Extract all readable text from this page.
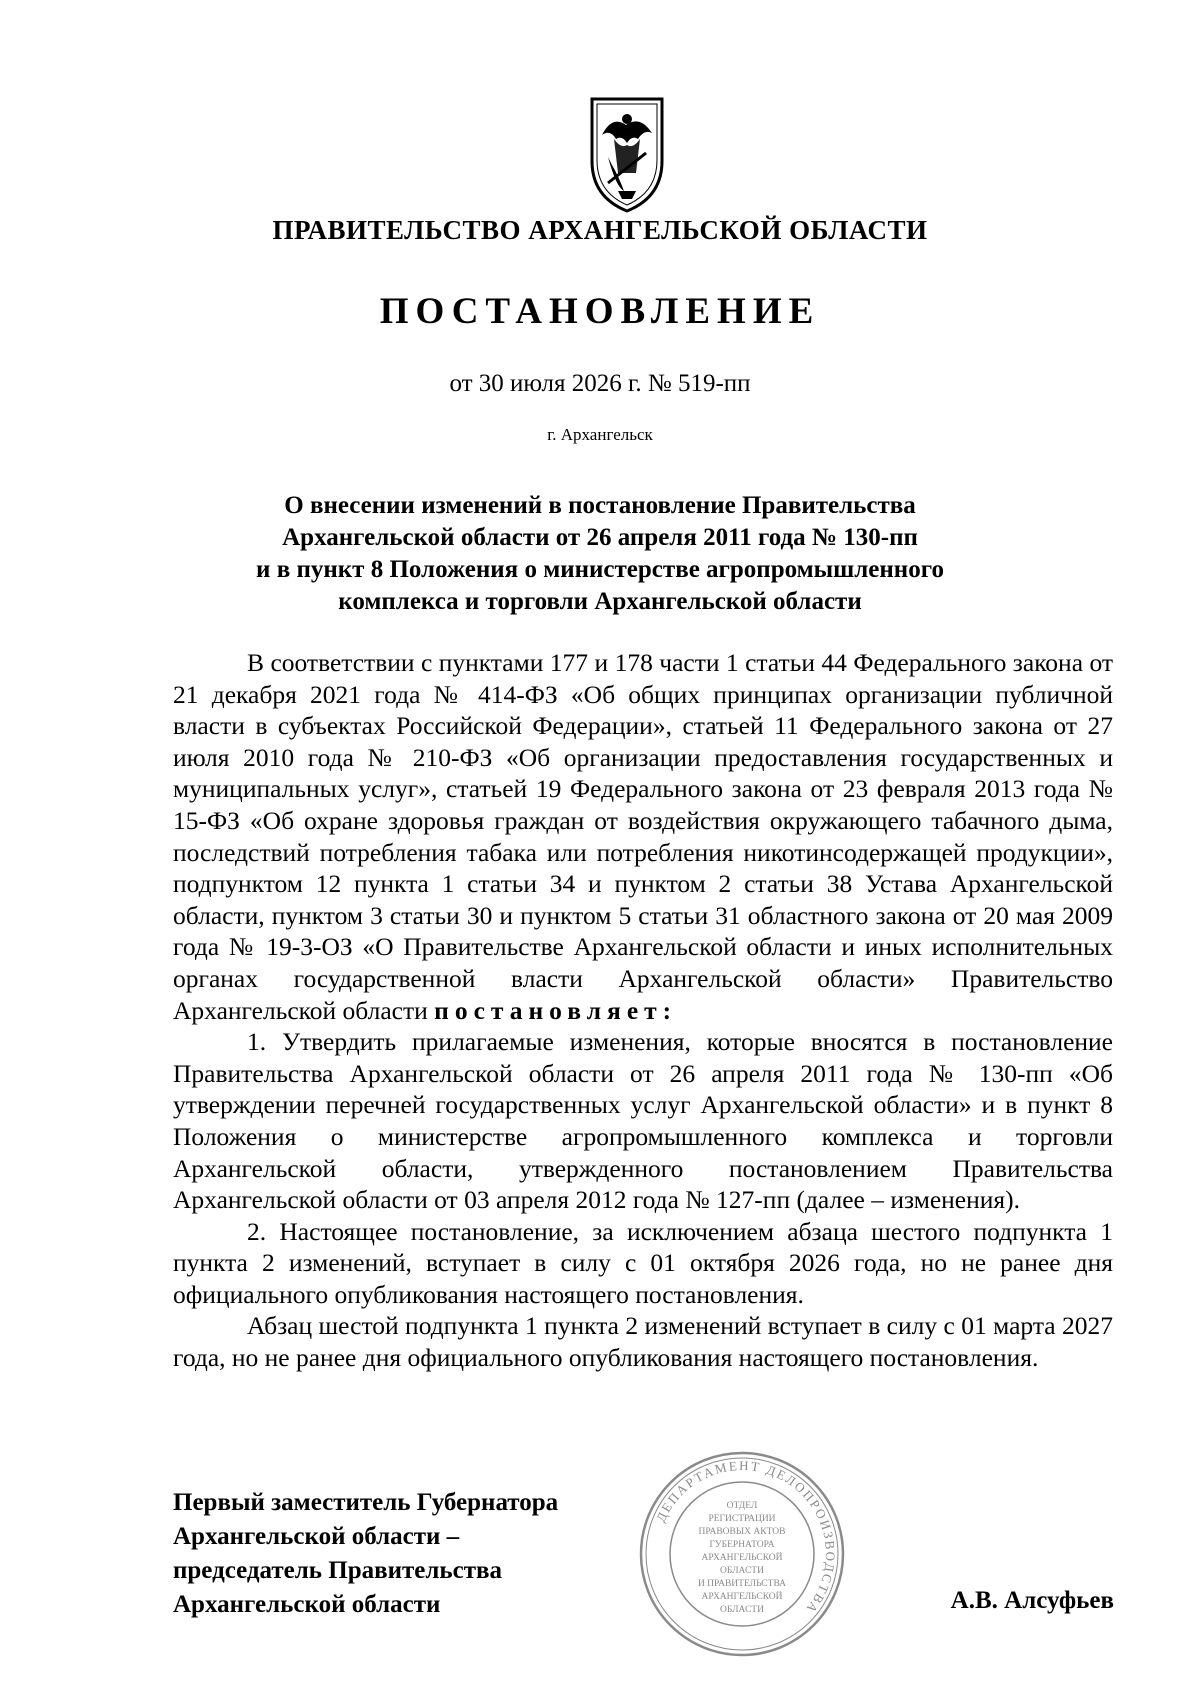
ПРАВИТЕЛЬСТВО АРХАНГЕЛЬСКОЙ ОБЛАСТИ
ПОСТАНОВЛЕНИЕ
от 30 июля 2026 г. № 519-пп
г. Архангельск
О внесении изменений в постановление Правительства
Архангельской области от 26 апреля 2011 года № 130-пп
и в пункт 8 Положения о министерстве агропромышленного
комплекса и торговли Архангельской области

В соответствии с пунктами 177 и 178 части 1 статьи 44 Федерального закона от 21 декабря 2021 года № 414-ФЗ «Об общих принципах организации публичной власти в субъектах Российской Федерации», статьей 11 Федерального закона от 27 июля 2010 года № 210-ФЗ «Об организации предоставления государственных и муниципальных услуг», статьей 19 Федерального закона от 23 февраля 2013 года № 15-ФЗ «Об охране здоровья граждан от воздействия окружающего табачного дыма, последствий потребления табака или потребления никотинсодержащей продукции», подпунктом 12 пункта 1 статьи 34 и пунктом 2 статьи 38 Устава Архангельской области, пунктом 3 статьи 30 и пунктом 5 статьи 31 областного закона от 20 мая 2009 года № 19-3-ОЗ «О Правительстве Архангельской области и иных исполнительных органах государственной власти Архангельской области» Правительство Архангельской области постановляет:

1. Утвердить прилагаемые изменения, которые вносятся в постановление Правительства Архангельской области от 26 апреля 2011 года № 130-пп «Об утверждении перечней государственных услуг Архангельской области» и в пункт 8 Положения о министерстве агропромышленного комплекса и торговли Архангельской области, утвержденного постановлением Правительства Архангельской области от 03 апреля 2012 года № 127-пп (далее – изменения).

2. Настоящее постановление, за исключением абзаца шестого подпункта 1 пункта 2 изменений, вступает в силу с 01 октября 2026 года, но не ранее дня официального опубликования настоящего постановления.

Абзац шестой подпункта 1 пункта 2 изменений вступает в силу с 01 марта 2027 года, но не ранее дня официального опубликования настоящего постановления.

Первый заместитель Губернатора
Архангельской области –
председатель Правительства
Архангельской области	А.В. Алсуфьев
ДЕПАРТАМЕНТ ДЕЛОПРОИЗВОДСТВА
ОТДЕЛ
РЕГИСТРАЦИИ
ПРАВОВЫХ АКТОВ
ГУБЕРНАТОРА
АРХАНГЕЛЬСКОЙ
ОБЛАСТИ
И ПРАВИТЕЛЬСТВА
АРХАНГЕЛЬСКОЙ
ОБЛАСТИ
